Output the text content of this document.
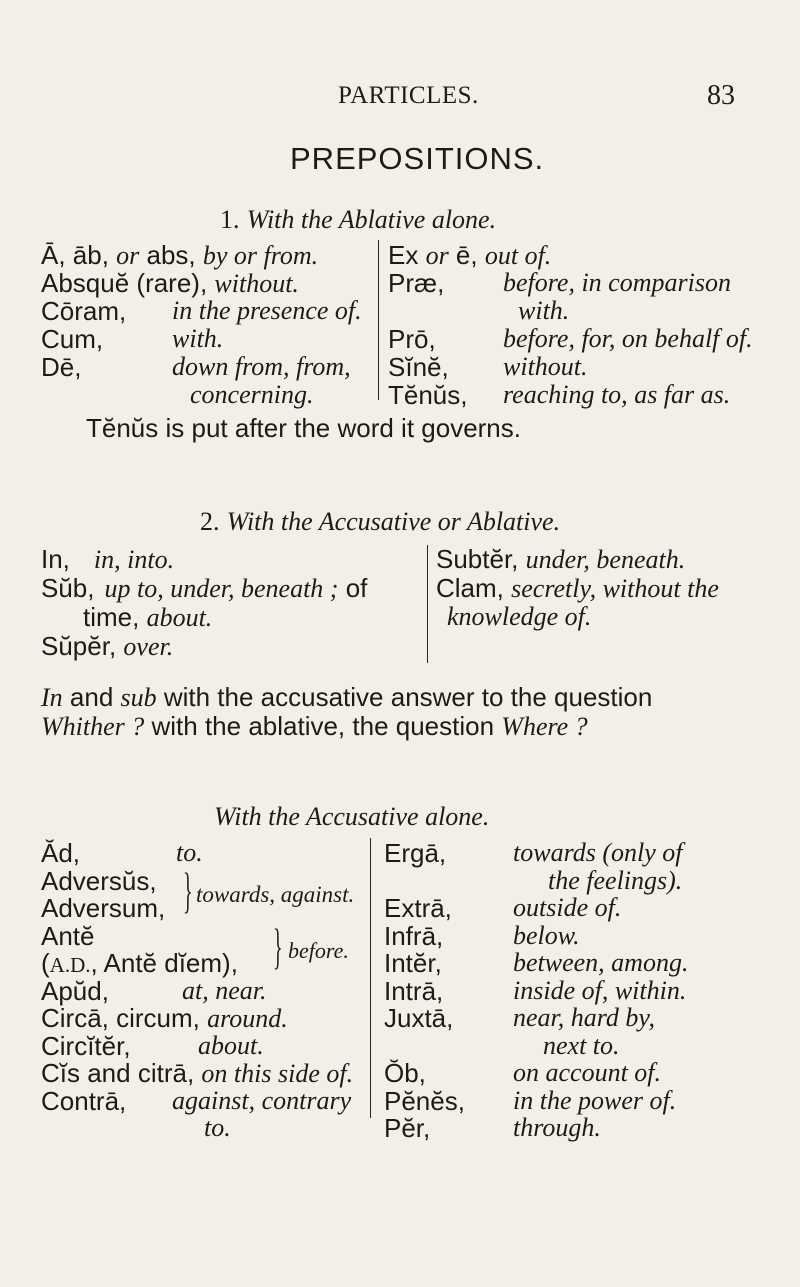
PARTICLES.	83
PREPOSITIONS.
1. With the Ablative alone.
Ā, āb, or abs, by or from.
Absquĕ (rare), without.
Cōram, in the presence of.
Cum,	with.
Dē,	down from, from,
concerning.
Ex or ē, out of.
Præ, before, in comparison
with.
Prō,	before, for, on behalf of.
Sĭnĕ, without.
Tĕnŭs, reaching to, as far as.
Tĕnŭs is put after the word it governs.
2. With the Accusative or Ablative.
In, in, into.
Sŭb, up to, under, beneath ; of
time, about.
Sŭpĕr, over.
Subtĕr, under, beneath.
Clam, secretly, without the
knowledge of.
In and sub with the accusative answer to the question
Whither ? with the ablative, the question Where ?
With the Accusative alone.
Ăd,	to.
Adversŭs,
Adversum, } towards, against.
Antĕ
(A.D., Antĕ dĭem), } before.
Apŭd,	at, near.
Circā, circum, around.
Circĭtĕr,	about.
Cĭs and citrā, on this side of.
Contrā, against, contrary
to.
Ergā,	towards (only of
the feelings).
Extrā, outside of.
Infrā,	below.
Intĕr,	between, among.
Intrā,	inside of, within.
Juxtā, near, hard by,
next to.
Ŏb,	on account of.
Pĕnĕs, in the power of.
Pĕr,	through.
